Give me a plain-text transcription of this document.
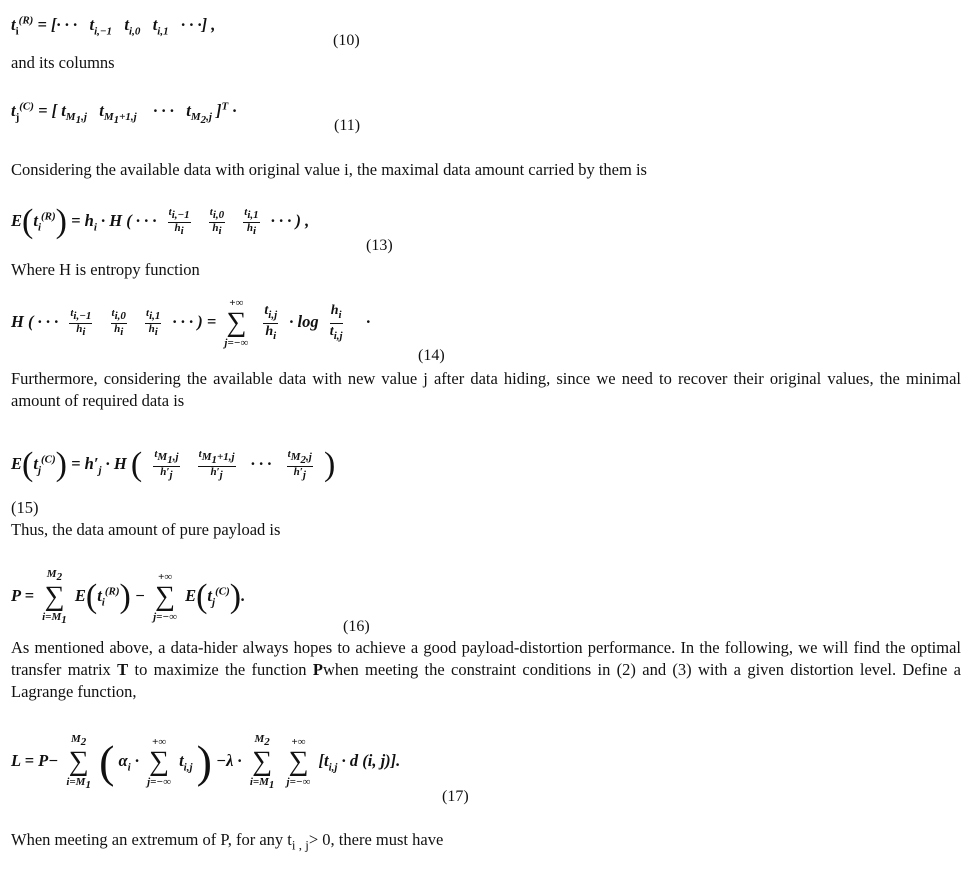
$t_i^{(R)}$ = [· · ·   $t_{i,-1}$   $t_{i,0}$   $t_{i,1}$   · · ·] ,
(10)
and its columns
$t_j^{(C)}$ = [ $t_{M_1,j}$   $t_{M_1+1,j}$    · · ·   $t_{M_2,j}$ ]$^T$ ·
(11)
Considering the available data with original value i, the maximal data amount carried by them is
$E(t_i^{(R)}) = h_i \cdot H$ ( · · · $\frac{t_{i,-1}}{h_i}$
$\frac{t_{i,0}}{h_i}$
$\frac{t_{i,1}}{h_i}$ · · · ) ,
(13)
Where H is entropy function
H ( · · · $\frac{t_{i,-1}}{h_i}$
$\frac{t_{i,0}}{h_i}$
$\frac{t_{i,1}}{h_i}$ · · · ) =
+∞
∑
j=−∞
$\frac{t_{i,j}}{h_i} \cdot \log \frac{h_i}{t_{i,j}}$ ·
(14)
Furthermore, considering the available data with new value j after data hiding, since we need to recover their original values, the minimal amount of required data is
$E(t_j^{(C)}) = h'_j \cdot H$ ( $\frac{t_{M_1,j}}{h'_j}$
$\frac{t_{M_1+1,j}}{h'_j}$ · · · $\frac{t_{M_2,j}}{h'_j}$ )
(15)
Thus, the data amount of pure payload is
P =
$M_2$
∑
$i=M_1$
$E(t_i^{(R)})$ −
+∞
∑
j=−∞
$E(t_j^{(C)})$.
(16)
As mentioned above, a data-hider always hopes to achieve a good payload-distortion performance. In the following, we will find the optimal transfer matrix T to maximize the function Pwhen meeting the constraint conditions in (2) and (3) with a given distortion level. Define a Lagrange function,
L = P−
$M_2$
∑
$i=M_1$ ( $\alpha_i$ ·
+∞
∑
j=−∞
$t_{i,j}$ ) −λ ·
$M_2$
∑
$i=M_1$

+∞
∑
j=−∞
[$t_{i,j} \cdot d$ (i, j)].
(17)
When meeting an extremum of P, for any $t_{i , j}> 0$, there must have
